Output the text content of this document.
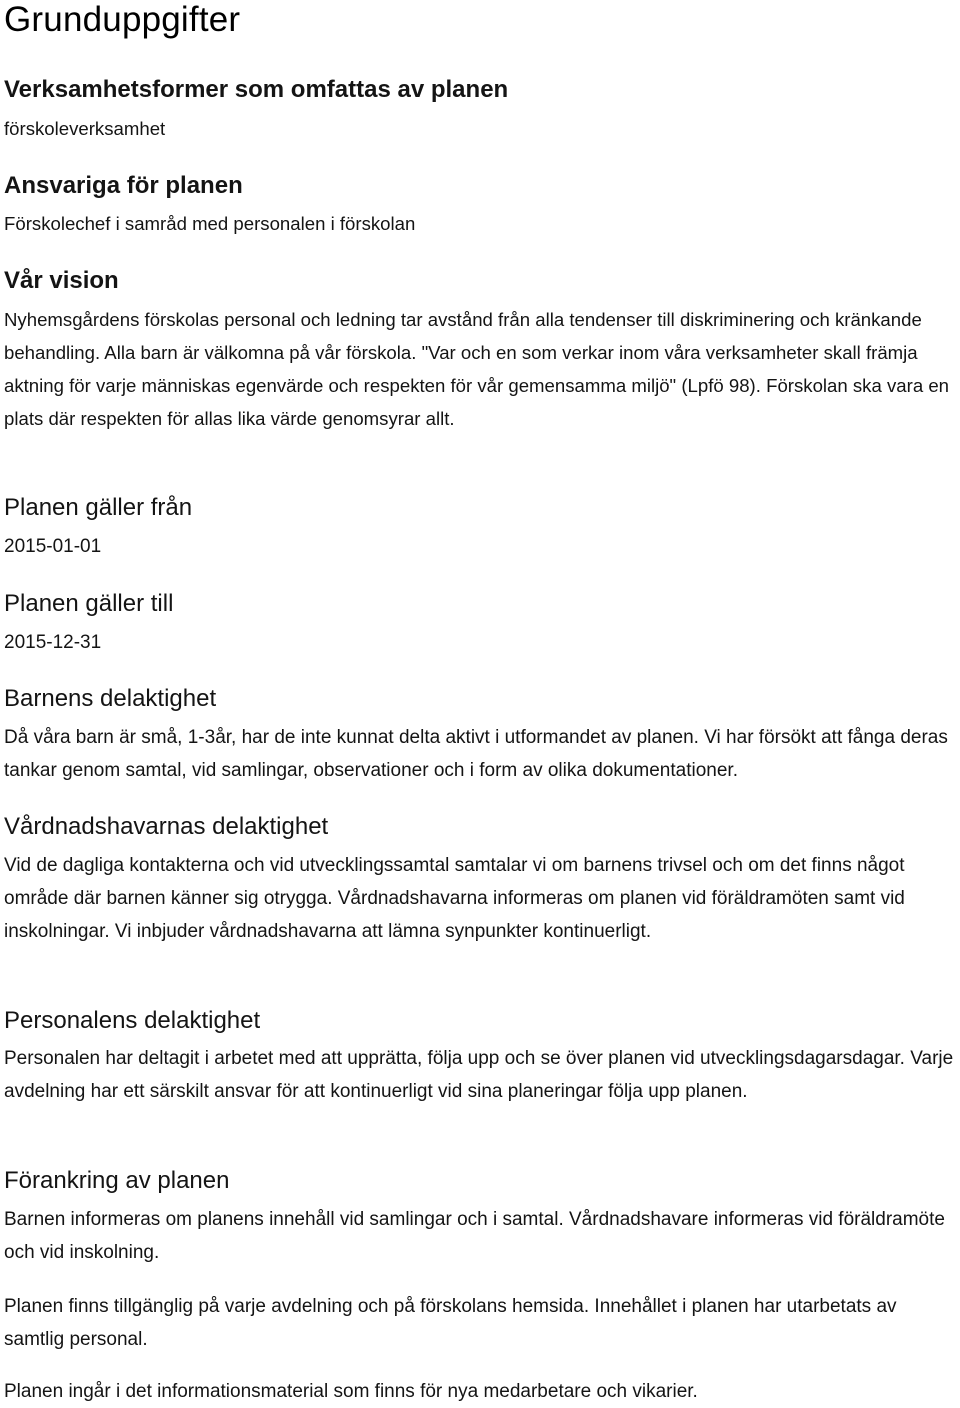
Grunduppgifter
Verksamhetsformer som omfattas av planen

förskoleverksamhet

Ansvariga för planen

Förskolechef i samråd med personalen i förskolan

Vår vision

Nyhemsgårdens förskolas personal och ledning tar avstånd från alla tendenser till diskriminering och kränkande behandling. Alla barn är välkomna på vår förskola. "Var och en som verkar inom våra verksamheter skall främja aktning för varje människas egenvärde och respekten för vår gemensamma miljö" (Lpfö 98). Förskolan ska vara en plats där respekten för allas lika värde genomsyrar allt.

Planen gäller från

2015-01-01

Planen gäller till

2015-12-31

Barnens delaktighet

Då våra barn är små, 1-3år, har de inte kunnat delta aktivt i utformandet av planen. Vi har försökt att fånga deras tankar genom samtal, vid samlingar, observationer och i form av olika dokumentationer.

Vårdnadshavarnas delaktighet

Vid de dagliga kontakterna och vid utvecklingssamtal samtalar vi om barnens trivsel och om det finns något område där barnen känner sig otrygga. Vårdnadshavarna informeras om planen vid föräldramöten samt vid inskolningar. Vi inbjuder vårdnadshavarna att lämna synpunkter kontinuerligt.

Personalens delaktighet

Personalen har deltagit i arbetet med att upprätta, följa upp och se över planen vid utvecklingsdagarsdagar. Varje avdelning har ett särskilt ansvar för att kontinuerligt vid sina planeringar följa upp planen.

Förankring av planen

Barnen informeras om planens innehåll vid samlingar och i samtal. Vårdnadshavare informeras vid föräldramöte och vid inskolning.

Planen finns tillgänglig på varje avdelning och på förskolans hemsida. Innehållet i planen har utarbetats av samtlig personal.

Planen ingår i det informationsmaterial som finns för nya medarbetare och vikarier.
